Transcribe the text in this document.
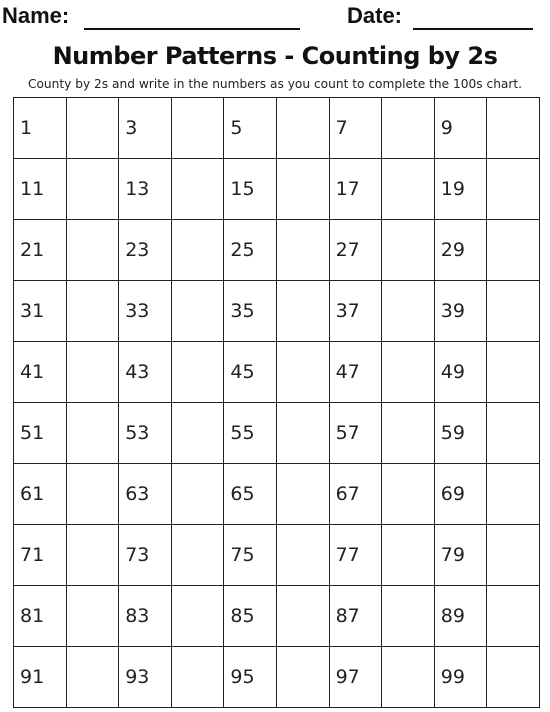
Name:	Date:
Number Patterns - Counting by 2s
County by 2s and write in the numbers as you count to complete the 100s chart.
1		3		5		7		9	
11		13		15		17		19	
21		23		25		27		29	
31		33		35		37		39	
41		43		45		47		49	
51		53		55		57		59	
61		63		65		67		69	
71		73		75		77		79	
81		83		85		87		89	
91		93		95		97		99	
